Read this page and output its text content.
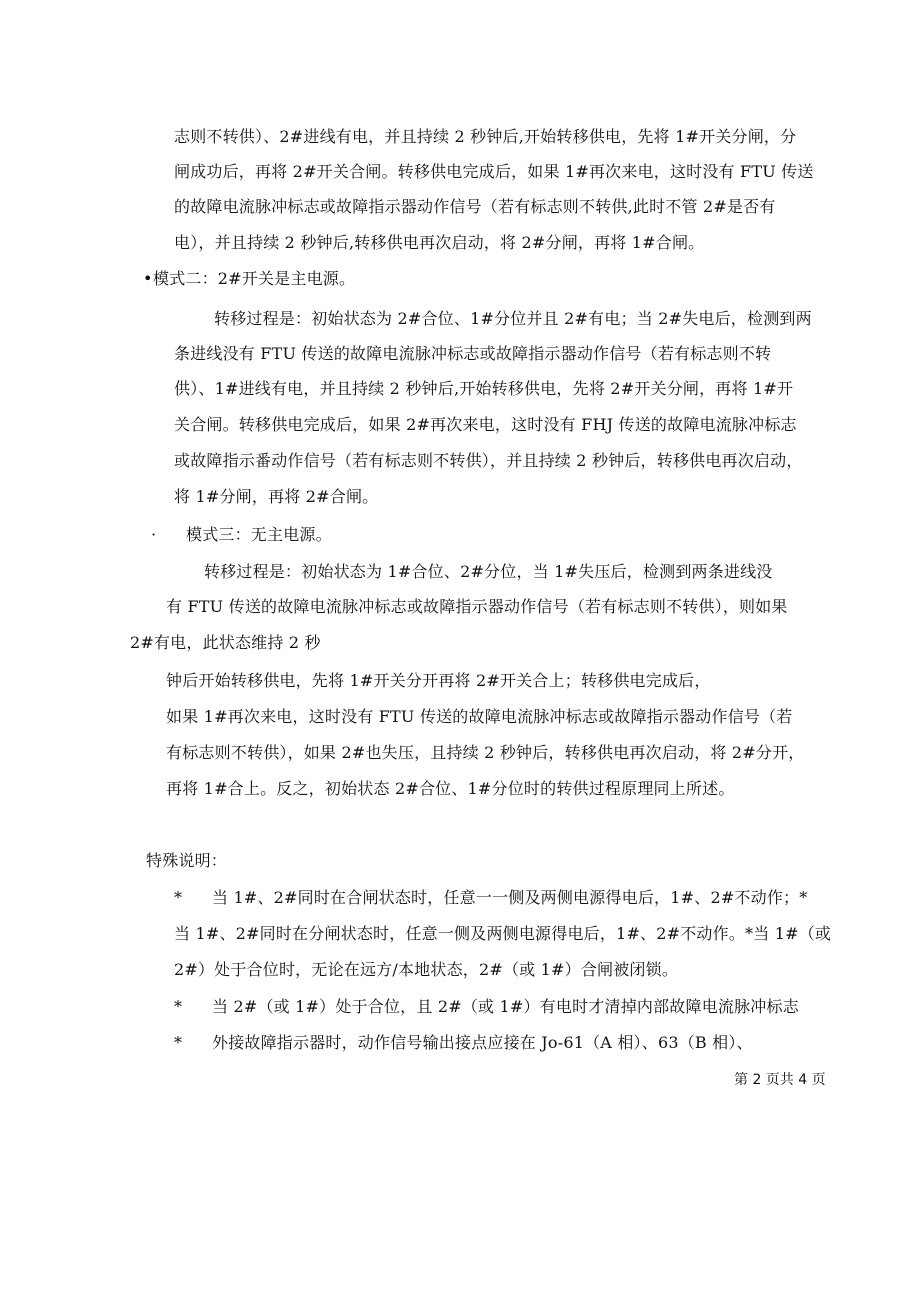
志则不转供）、2#进线有电，并且持续 2 秒钟后,开始转移供电，先将 1#开关分闸，分
闸成功后，再将 2#开关合闸。转移供电完成后，如果 1#再次来电，这时没有 FTU 传送
的故障电流脉冲标志或故障指示器动作信号（若有标志则不转供,此时不管 2#是否有
电），并且持续 2 秒钟后,转移供电再次启动，将 2#分闸，再将 1#合闸。
• 模式二：2#开关是主电源。
转移过程是：初始状态为 2#合位、1#分位并且 2#有电；当 2#失电后，检测到两
条进线没有 FTU 传送的故障电流脉冲标志或故障指示器动作信号（若有标志则不转
供）、1#进线有电，并且持续 2 秒钟后,开始转移供电，先将 2#开关分闸，再将 1#开
关合闸。转移供电完成后，如果 2#再次来电，这时没有 FHJ 传送的故障电流脉冲标志
或故障指示番动作信号（若有标志则不转供），并且持续 2 秒钟后，转移供电再次启动，
将 1#分闸，再将 2#合闸。
· 模式三：无主电源。
转移过程是：初始状态为 1#合位、2#分位，当 1#失压后，检测到两条进线没
有 FTU 传送的故障电流脉冲标志或故障指示器动作信号（若有标志则不转供），则如果
2#有电，此状态维持 2 秒
钟后开始转移供电，先将 1#开关分开再将 2#开关合上；转移供电完成后，
如果 1#再次来电，这时没有 FTU 传送的故障电流脉冲标志或故障指示器动作信号（若
有标志则不转供），如果 2#也失压，且持续 2 秒钟后，转移供电再次启动，将 2#分开，
再将 1#合上。反之，初始状态 2#合位、1#分位时的转供过程原理同上所述。
特殊说明：
* 当 1#、2#同时在合闸状态时，任意一一侧及两侧电源得电后，1#、2#不动作；*
当 1#、2#同时在分闸状态时，任意一侧及两侧电源得电后，1#、2#不动作。*当 1#（或
2#）处于合位时，无论在远方/本地状态，2#（或 1#）合闸被闭锁。
* 当 2#（或 1#）处于合位，且 2#（或 1#）有电时才清掉内部故障电流脉冲标志
* 外接故障指示器时，动作信号输出接点应接在 Jo-61（A 相）、63（B 相）、
第 2 页共 4 页
